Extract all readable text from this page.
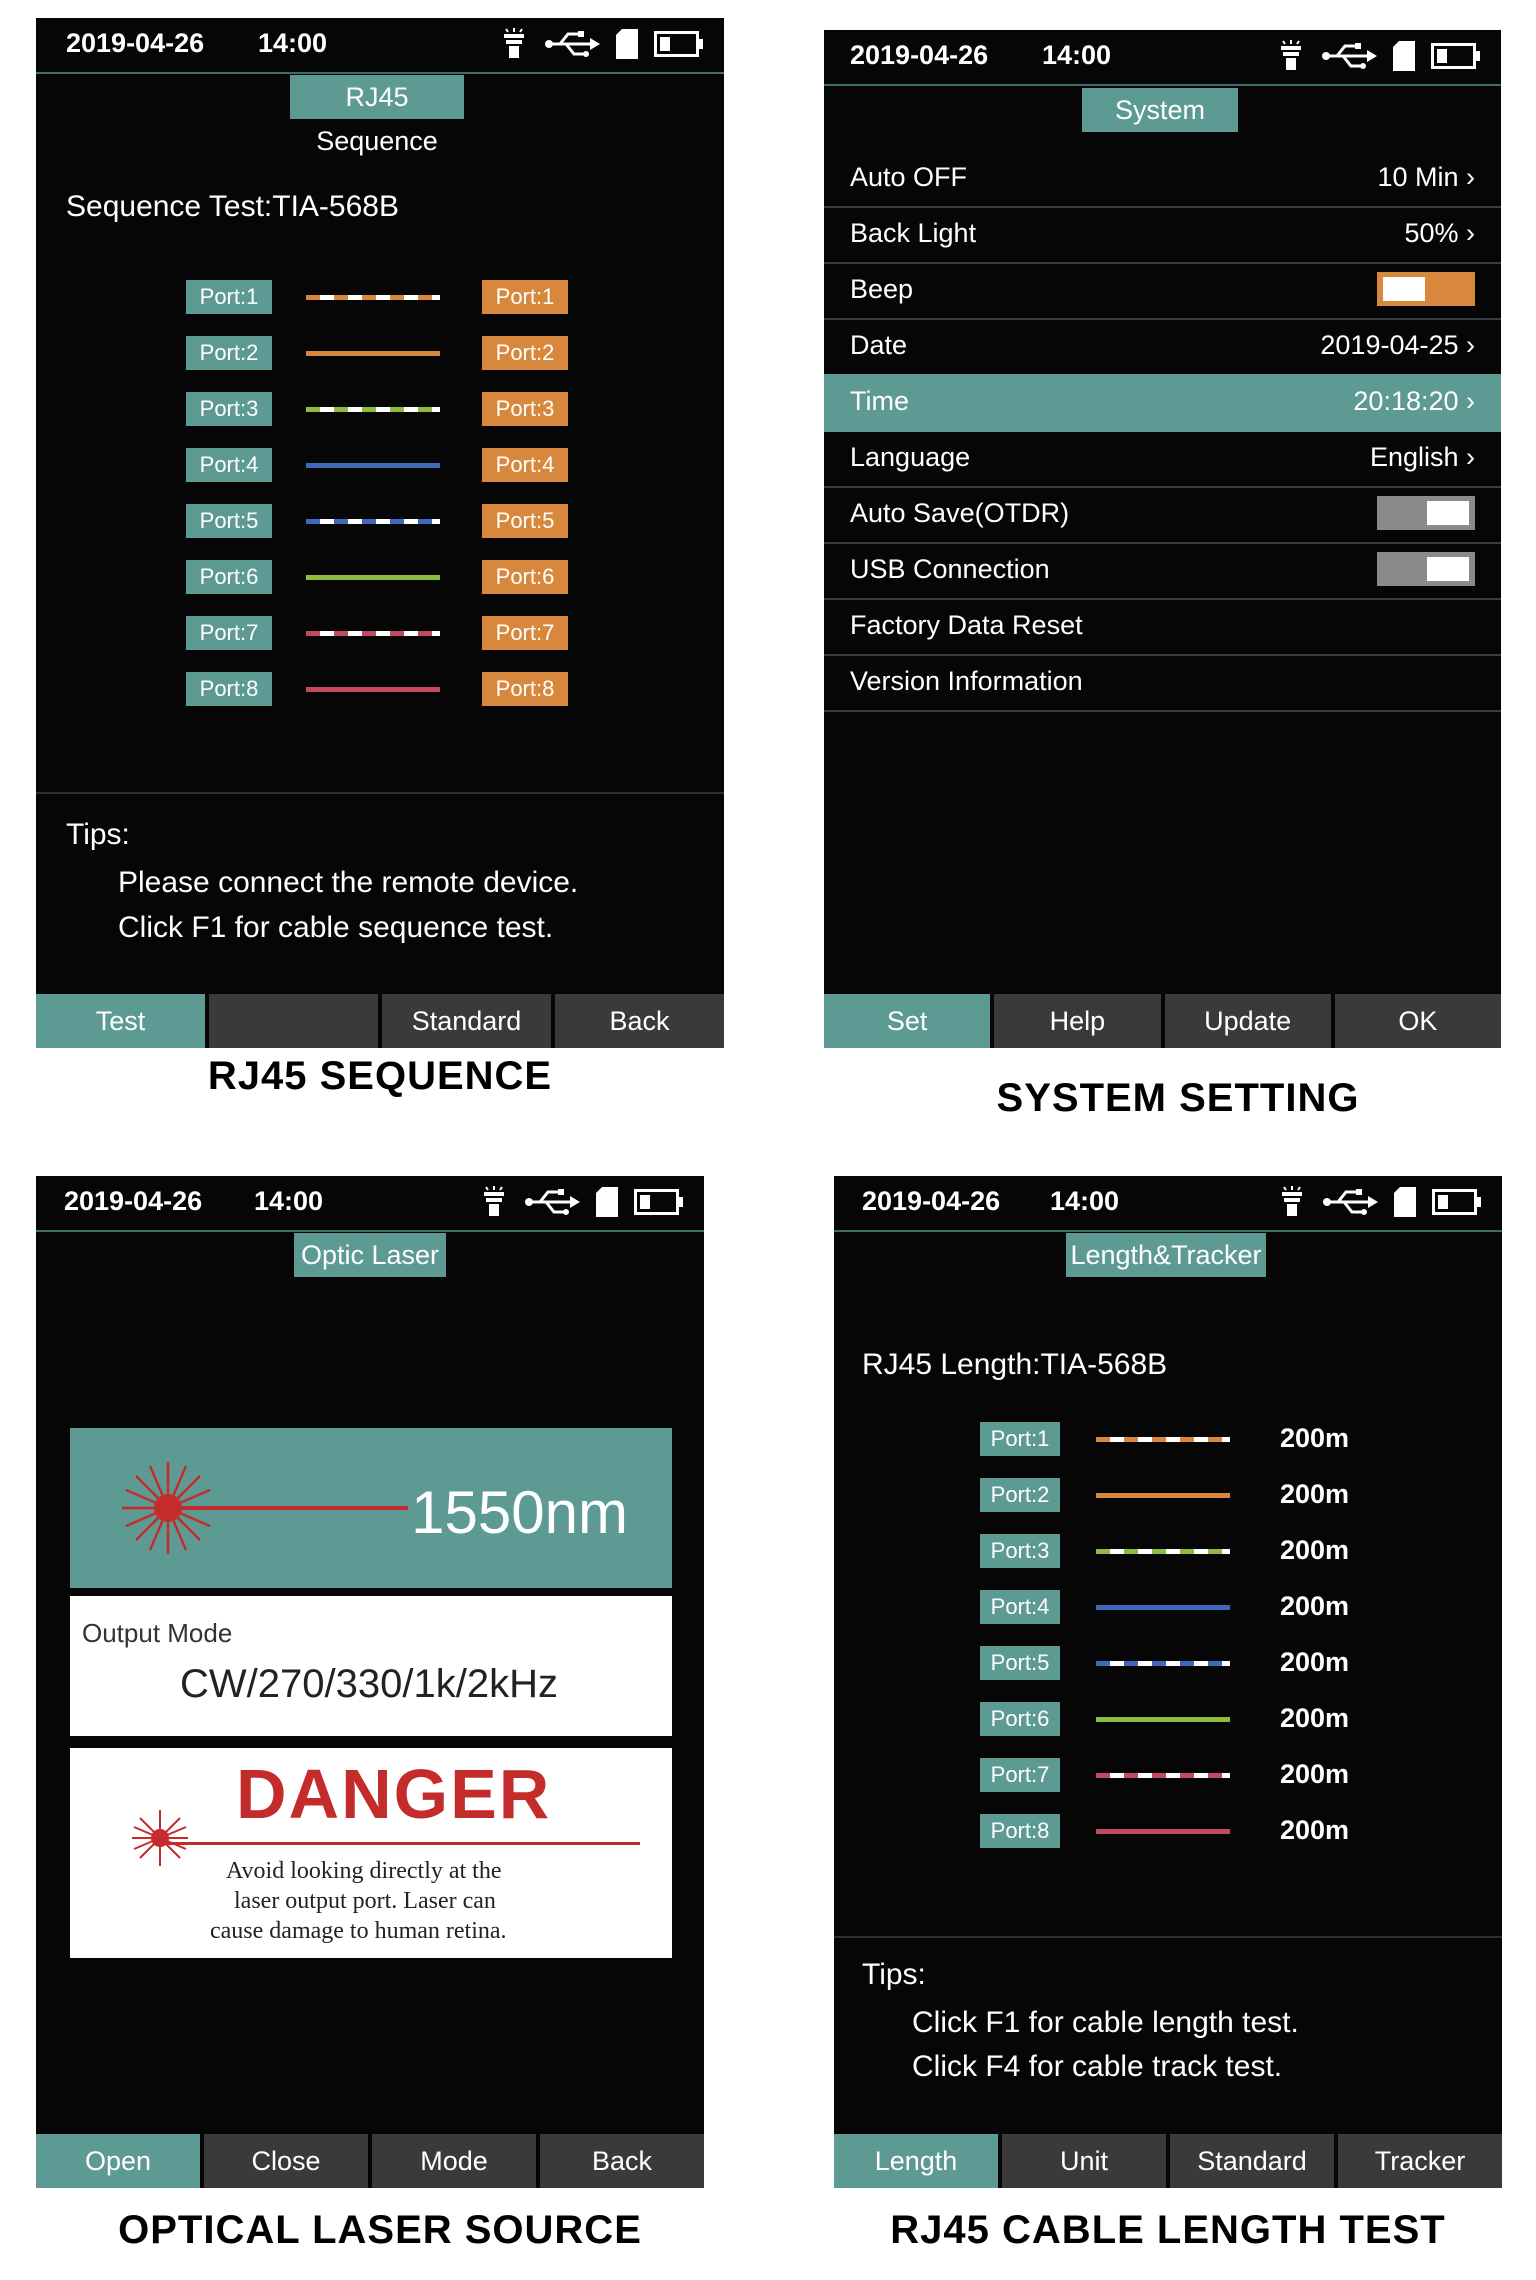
2019-04-26 14:00
RJ45 Sequence
Sequence Test:TIA-568B
Port:1	Port:1
Port:2	Port:2
Port:3	Port:3
Port:4	Port:4
Port:5	Port:5
Port:6	Port:6
Port:7	Port:7
Port:8	Port:8
Tips:
Please connect the remote device.
Click F1 for cable sequence test.
Test	Standard	Back
RJ45 SEQUENCE
2019-04-26 14:00
System
Auto OFF	10 Min ›
Back Light	50% ›
Beep
Date	2019-04-25 ›
Time	20:18:20 ›
Language	English ›
Auto Save(OTDR)
USB Connection
Factory Data Reset
Version Information
Set	Help	Update	OK
SYSTEM SETTING
2019-04-26 14:00
Optic Laser
1550nm
Output Mode
CW/270/330/1k/2kHz
DANGER
Avoid looking directly at the
laser output port. Laser can
cause damage to human retina.
Open	Close	Mode	Back
OPTICAL LASER SOURCE
2019-04-26 14:00
Length&Tracker
RJ45 Length:TIA-568B
Port:1	200m
Port:2	200m
Port:3	200m
Port:4	200m
Port:5	200m
Port:6	200m
Port:7	200m
Port:8	200m
Tips:
Click F1 for cable length test.
Click F4 for cable track test.
Length	Unit	Standard	Tracker
RJ45 CABLE LENGTH TEST
